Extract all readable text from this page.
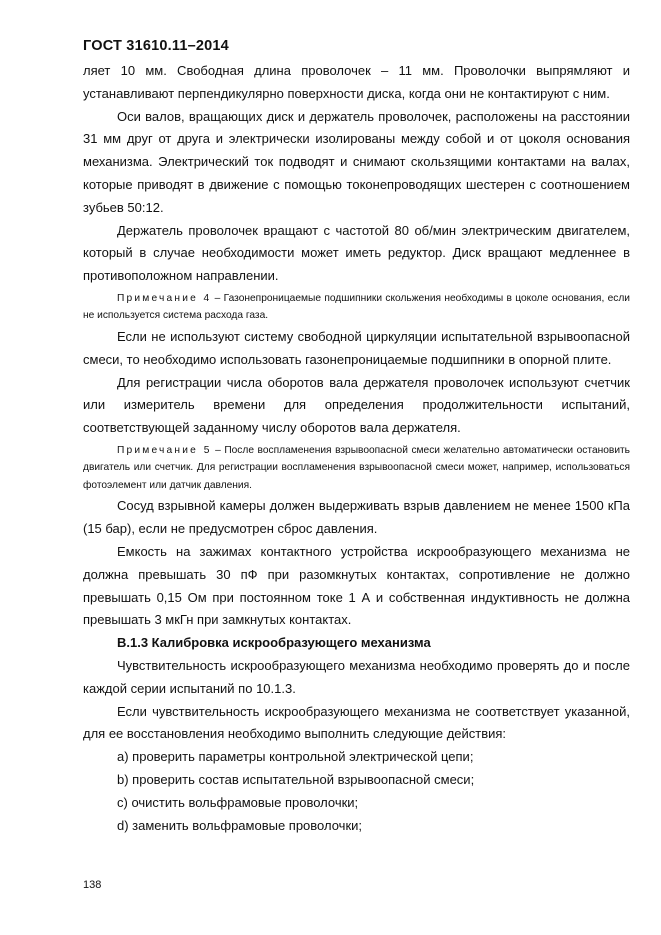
ГОСТ 31610.11–2014

ляет 10 мм. Свободная длина проволочек – 11 мм. Проволочки выпрямляют и устанавливают перпендикулярно поверхности диска, когда они не контактируют с ним.

Оси валов, вращающих диск и держатель проволочек, расположены на расстоянии 31 мм друг от друга и электрически изолированы между собой и от цоколя основания механизма. Электрический ток подводят и снимают скользящими контактами на валах, которые приводят в движение с помощью токонепроводящих шестерен с соотношением зубьев 50:12.

Держатель проволочек вращают с частотой 80 об/мин электрическим двигателем, который в случае необходимости может иметь редуктор. Диск вращают медленнее в противоположном направлении.

Примечание 4 – Газонепроницаемые подшипники скольжения необходимы в цоколе основания, если не используется система расхода газа.

Если не используют систему свободной циркуляции испытательной взрывоопасной смеси, то необходимо использовать газонепроницаемые подшипники в опорной плите.

Для регистрации числа оборотов вала держателя проволочек используют счетчик или измеритель времени для определения продолжительности испытаний, соответствующей заданному числу оборотов вала держателя.

Примечание 5 – После воспламенения взрывоопасной смеси желательно автоматически остановить двигатель или счетчик. Для регистрации воспламенения взрывоопасной смеси может, например, использоваться фотоэлемент или датчик давления.

Сосуд взрывной камеры должен выдерживать взрыв давлением не менее 1500 кПа (15 бар), если не предусмотрен сброс давления.

Емкость на зажимах контактного устройства искрообразующего механизма не должна превышать 30 пФ при разомкнутых контактах, сопротивление не должно превышать 0,15 Ом при постоянном токе 1 А и собственная индуктивность не должна превышать 3 мкГн при замкнутых контактах.

В.1.3 Калибровка искрообразующего механизма

Чувствительность искрообразующего механизма необходимо проверять до и после каждой серии испытаний по 10.1.3.

Если чувствительность искрообразующего механизма не соответствует указанной, для ее восстановления необходимо выполнить следующие действия:

а) проверить параметры контрольной электрической цепи;

b) проверить состав испытательной взрывоопасной смеси;

с) очистить вольфрамовые проволочки;

d) заменить вольфрамовые проволочки;

138
